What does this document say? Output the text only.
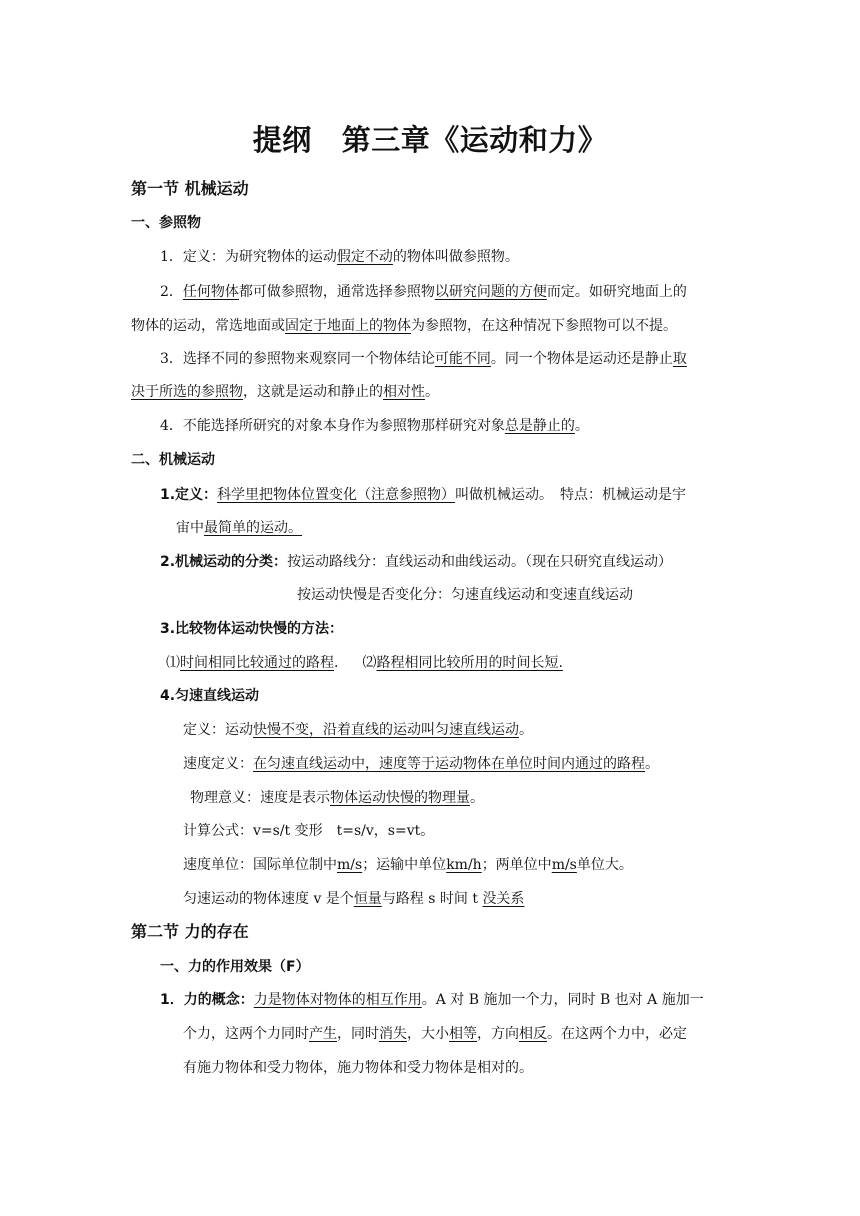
提纲 第三章《运动和力》
第一节 机械运动
一、参照物
1．定义：为研究物体的运动假定不动的物体叫做参照物。
2．任何物体都可做参照物，通常选择参照物以研究问题的方便而定。如研究地面上的
物体的运动，常选地面或固定于地面上的物体为参照物，在这种情况下参照物可以不提。
3．选择不同的参照物来观察同一个物体结论可能不同。同一个物体是运动还是静止取
决于所选的参照物，这就是运动和静止的相对性。
4．不能选择所研究的对象本身作为参照物那样研究对象总是静止的。
二、机械运动
1.定义：科学里把物体位置变化（注意参照物）叫做机械运动。　特点：机械运动是宇
宙中最简单的运动。
2.机械运动的分类：按运动路线分：直线运动和曲线运动。（现在只研究直线运动）
按运动快慢是否变化分：匀速直线运动和变速直线运动
3.比较物体运动快慢的方法：
⑴时间相同比较通过的路程. ⑵路程相同比较所用的时间长短.
4.匀速直线运动
定义：运动快慢不变，沿着直线的运动叫匀速直线运动。
速度定义：在匀速直线运动中，速度等于运动物体在单位时间内通过的路程。
物理意义：速度是表示物体运动快慢的物理量。
计算公式：v=s/t 变形　t=s/v，s=vt。
速度单位：国际单位制中m/s；运输中单位km/h；两单位中m/s单位大。
匀速运动的物体速度 v 是个恒量与路程 s 时间 t 没关系
第二节 力的存在
一、力的作用效果（F）
1．力的概念：力是物体对物体的相互作用。A 对 B 施加一个力，同时 B 也对 A 施加一
个力，这两个力同时产生，同时消失，大小相等，方向相反。在这两个力中，必定
有施力物体和受力物体，施力物体和受力物体是相对的。
